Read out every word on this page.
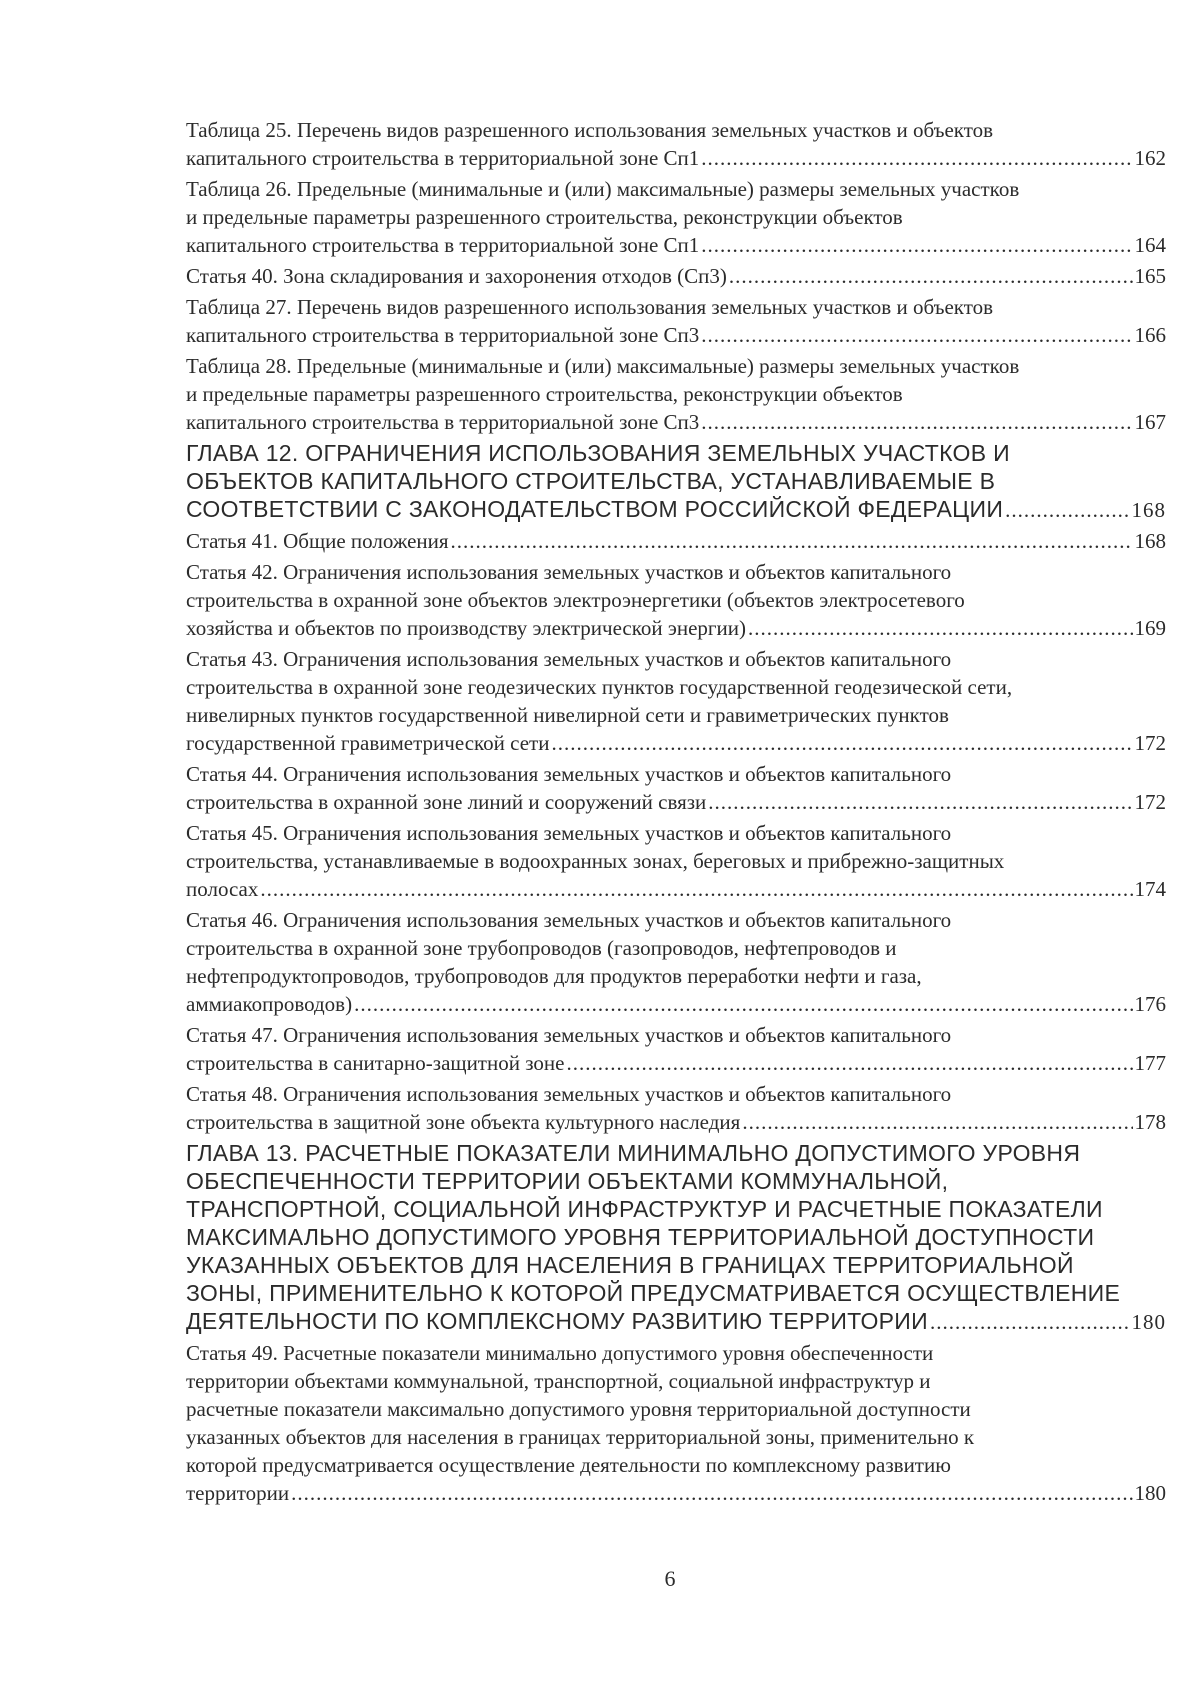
Таблица 25. Перечень видов разрешенного использования земельных участков и объектов
капитального строительства в территориальной зоне Сп1 .....	162
Таблица 26. Предельные (минимальные и (или) максимальные) размеры земельных участков
и предельные параметры разрешенного строительства, реконструкции объектов
капитального строительства в территориальной зоне Сп1 .....	164
Статья 40. Зона складирования и захоронения отходов (Сп3) .....	165
Таблица 27. Перечень видов разрешенного использования земельных участков и объектов
капитального строительства в территориальной зоне Сп3 .....	166
Таблица 28. Предельные (минимальные и (или) максимальные) размеры земельных участков
и предельные параметры разрешенного строительства, реконструкции объектов
капитального строительства в территориальной зоне Сп3 .....	167
ГЛАВА 12. ОГРАНИЧЕНИЯ ИСПОЛЬЗОВАНИЯ ЗЕМЕЛЬНЫХ УЧАСТКОВ И
ОБЪЕКТОВ КАПИТАЛЬНОГО СТРОИТЕЛЬСТВА, УСТАНАВЛИВАЕМЫЕ В
СООТВЕТСТВИИ С ЗАКОНОДАТЕЛЬСТВОМ РОССИЙСКОЙ ФЕДЕРАЦИИ .....	168
Статья 41. Общие положения .....	168
Статья 42. Ограничения использования земельных участков и объектов капитального
строительства в охранной зоне объектов электроэнергетики (объектов электросетевого
хозяйства и объектов по производству электрической энергии) .....	169
Статья 43. Ограничения использования земельных участков и объектов капитального
строительства в охранной зоне геодезических пунктов государственной геодезической сети,
нивелирных пунктов государственной нивелирной сети и гравиметрических пунктов
государственной гравиметрической сети .....	172
Статья 44. Ограничения использования земельных участков и объектов капитального
строительства в охранной зоне линий и сооружений связи .....	172
Статья 45. Ограничения использования земельных участков и объектов капитального
строительства, устанавливаемые в водоохранных зонах, береговых и прибрежно-защитных
полосах .....	174
Статья 46. Ограничения использования земельных участков и объектов капитального
строительства в охранной зоне трубопроводов (газопроводов, нефтепроводов и
нефтепродуктопроводов, трубопроводов для продуктов переработки нефти и газа,
аммиакопроводов) .....	176
Статья 47. Ограничения использования земельных участков и объектов капитального
строительства в санитарно-защитной зоне .....	177
Статья 48. Ограничения использования земельных участков и объектов капитального
строительства в защитной зоне объекта культурного наследия .....	178
ГЛАВА 13. РАСЧЕТНЫЕ ПОКАЗАТЕЛИ МИНИМАЛЬНО ДОПУСТИМОГО УРОВНЯ
ОБЕСПЕЧЕННОСТИ ТЕРРИТОРИИ ОБЪЕКТАМИ КОММУНАЛЬНОЙ,
ТРАНСПОРТНОЙ, СОЦИАЛЬНОЙ ИНФРАСТРУКТУР И РАСЧЕТНЫЕ ПОКАЗАТЕЛИ
МАКСИМАЛЬНО ДОПУСТИМОГО УРОВНЯ ТЕРРИТОРИАЛЬНОЙ ДОСТУПНОСТИ
УКАЗАННЫХ ОБЪЕКТОВ ДЛЯ НАСЕЛЕНИЯ В ГРАНИЦАХ ТЕРРИТОРИАЛЬНОЙ
ЗОНЫ, ПРИМЕНИТЕЛЬНО К КОТОРОЙ ПРЕДУСМАТРИВАЕТСЯ ОСУЩЕСТВЛЕНИЕ
ДЕЯТЕЛЬНОСТИ ПО КОМПЛЕКСНОМУ РАЗВИТИЮ ТЕРРИТОРИИ .....	180
Статья 49. Расчетные показатели минимально допустимого уровня обеспеченности
территории объектами коммунальной, транспортной, социальной инфраструктур и
расчетные показатели максимально допустимого уровня территориальной доступности
указанных объектов для населения в границах территориальной зоны, применительно к
которой предусматривается осуществление деятельности по комплексному развитию
территории .....	180
6
